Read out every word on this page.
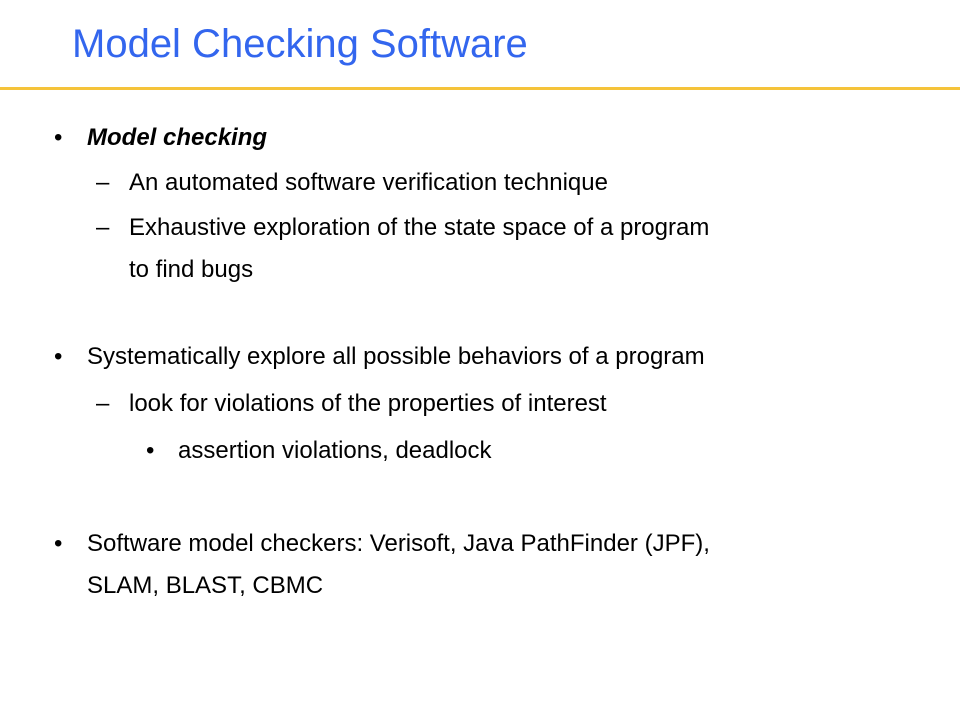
Model Checking Software
• Model checking
– An automated software verification technique
– Exhaustive exploration of the state space of a program
to find bugs
• Systematically explore all possible behaviors of a program
– look for violations of the properties of interest
• assertion violations, deadlock
• Software model checkers: Verisoft, Java PathFinder (JPF),
SLAM, BLAST, CBMC
